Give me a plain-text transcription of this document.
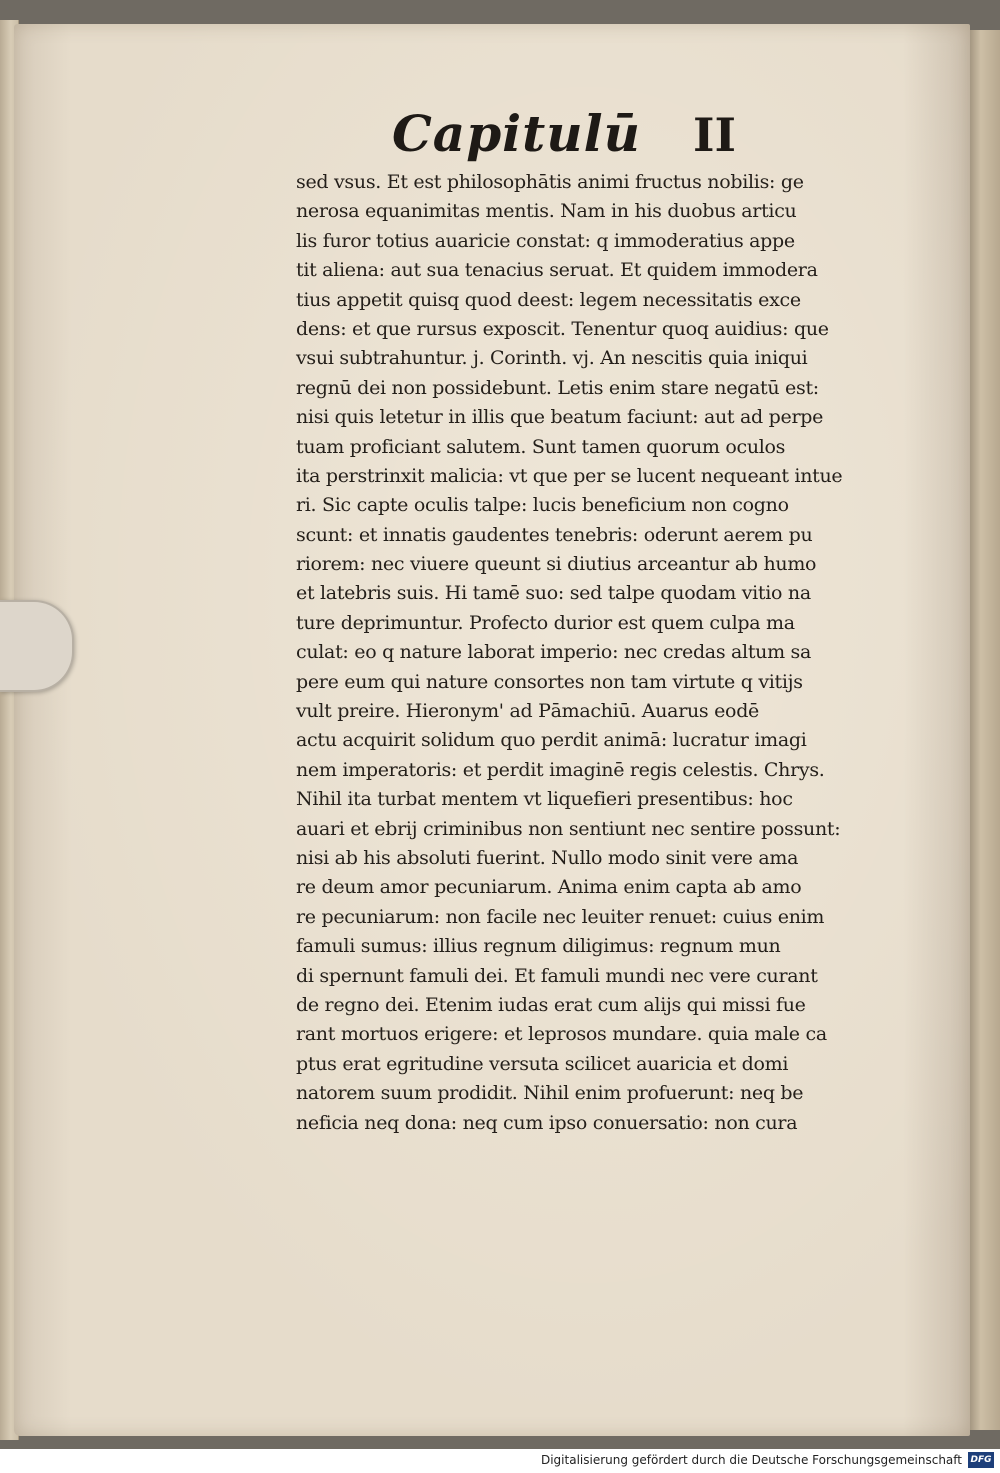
Capitulū II
sed vsus. Et est philosophātis animi fructus nobilis: ge
nerosa equanimitas mentis. Nam in his duobus articu
lis furor totius auaricie constat: q immoderatius appe
tit aliena: aut sua tenacius seruat. Et quidem immodera
tius appetit quisq quod deest: legem necessitatis exce
dens: et que rursus exposcit. Tenentur quoq auidius: que
vsui subtrahuntur. j. Corinth. vj. An nescitis quia iniqui
regnū dei non possidebunt. Letis enim stare negatū est:
nisi quis letetur in illis que beatum faciunt: aut ad perpe
tuam proficiant salutem. Sunt tamen quorum oculos
ita perstrinxit malicia: vt que per se lucent nequeant intue
ri. Sic capte oculis talpe: lucis beneficium non cogno
scunt: et innatis gaudentes tenebris: oderunt aerem pu
riorem: nec viuere queunt si diutius arceantur ab humo
et latebris suis. Hi tamē suo: sed talpe quodam vitio na
ture deprimuntur. Profecto durior est quem culpa ma
culat: eo q nature laborat imperio: nec credas altum sa
pere eum qui nature consortes non tam virtute q vitijs
vult preire. Hieronym' ad Pāmachiū. Auarus eodē
actu acquirit solidum quo perdit animā: lucratur imagi
nem imperatoris: et perdit imaginē regis celestis. Chrys.
Nihil ita turbat mentem vt liquefieri presentibus: hoc
auari et ebrij criminibus non sentiunt nec sentire possunt:
nisi ab his absoluti fuerint. Nullo modo sinit vere ama
re deum amor pecuniarum. Anima enim capta ab amo
re pecuniarum: non facile nec leuiter renuet: cuius enim
famuli sumus: illius regnum diligimus: regnum mun
di spernunt famuli dei. Et famuli mundi nec vere curant
de regno dei. Etenim iudas erat cum alijs qui missi fue
rant mortuos erigere: et leprosos mundare. quia male ca
ptus erat egritudine versuta scilicet auaricia et domi
natorem suum prodidit. Nihil enim profuerunt: neq be
neficia neq dona: neq cum ipso conuersatio: non cura
Digitalisierung gefördert durch die Deutsche Forschungsgemeinschaft DFG
